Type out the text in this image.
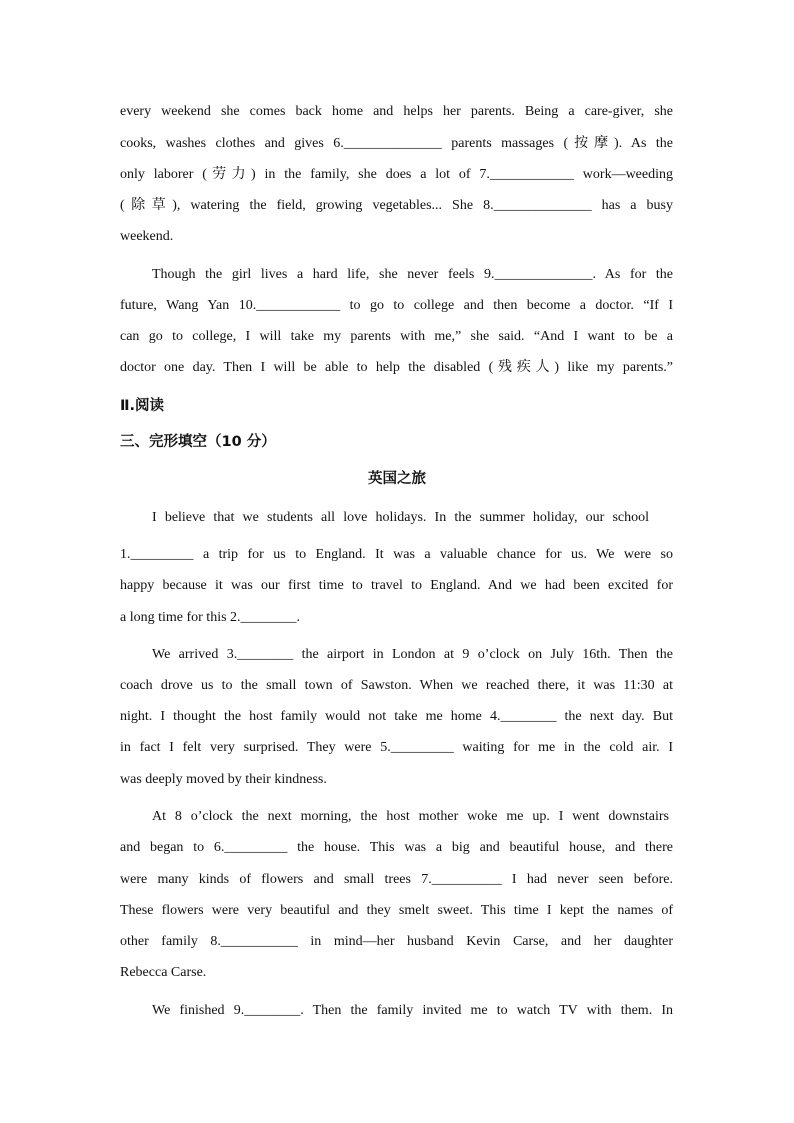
every weekend she comes back home and helps her parents. Being a care-giver, she
cooks, washes clothes and gives 6.______________ parents massages (按摩). As the
only laborer (劳力) in the family, she does a lot of 7.____________ work—weeding
(除草), watering the field, growing vegetables... She 8.______________ has a busy
weekend.
Though the girl lives a hard life, she never feels 9.______________. As for the
future, Wang Yan 10.____________ to go to college and then become a doctor. “If I
can go to college, I will take my parents with me,” she said. “And I want to be a
doctor one day. Then I will be able to help the disabled (残疾人) like my parents.”
Ⅱ.阅读
三、完形填空（10 分）
英国之旅
I believe that we students all love holidays. In the summer holiday, our school
1._________ a trip for us to England. It was a valuable chance for us. We were so
happy because it was our first time to travel to England. And we had been excited for
a long time for this 2.________.
We arrived 3.________ the airport in London at 9 o’clock on July 16th. Then the
coach drove us to the small town of Sawston. When we reached there, it was 11:30 at
night. I thought the host family would not take me home 4.________ the next day. But
in fact I felt very surprised. They were 5._________ waiting for me in the cold air. I
was deeply moved by their kindness.
At 8 o’clock the next morning, the host mother woke me up. I went downstairs
and began to 6._________ the house. This was a big and beautiful house, and there
were many kinds of flowers and small trees 7.__________ I had never seen before.
These flowers were very beautiful and they smelt sweet. This time I kept the names of
other family 8.___________ in mind—her husband Kevin Carse, and her daughter
Rebecca Carse.
We finished 9.________. Then the family invited me to watch TV with them. In
